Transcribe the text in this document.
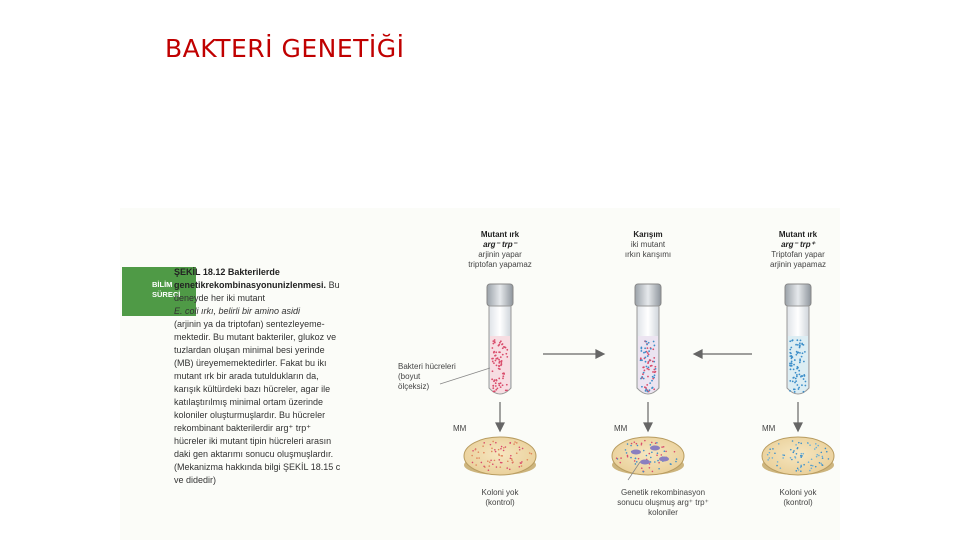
BAKTERİ GENETİĞİ
BİLİM
SÜRECİ
ŞEKİL 18.12 Bakterilerde genetikrekombinasyonunizlenmesi. Bu deneyde her iki mutant
E. coli ırkı, belirli bir amino asidi
(arjinin ya da triptofan) sentezleyeme-
mektedir. Bu mutant bakteriler, glukoz ve
tuzlardan oluşan minimal besi yerinde
(MB) üreyememektedirler. Fakat bu ikı
mutant ırk bir arada tutuldukların da,
karışık kültürdeki bazı hücreler, agar ile
katılaştırılmış minimal ortam üzerinde
koloniler oluşturmuşlardır. Bu hücreler
rekombinant bakterilerdir arg⁺ trp⁺
hücreler iki mutant tipin hücreleri arasın
daki gen aktarımı sonucu oluşmuşlardır.
(Mekanizma hakkında bilgi ŞEKİL 18.15 c
ve didedir)
Mutant ırk
arg⁻ trp⁻
arjinin yapar
triptofan yapamaz
Karışım
iki mutant
ırkın karışımı
Mutant ırk
arg⁻ trp⁺
Triptofan yapar
arjinin yapamaz
Bakteri hücreleri
(boyut
ölçeksiz)
MM	MM	MM
Koloni yok
(kontrol)
Genetik rekombinasyon
sonucu oluşmuş arg⁺ trp⁺
koloniler
Koloni yok
(kontrol)
